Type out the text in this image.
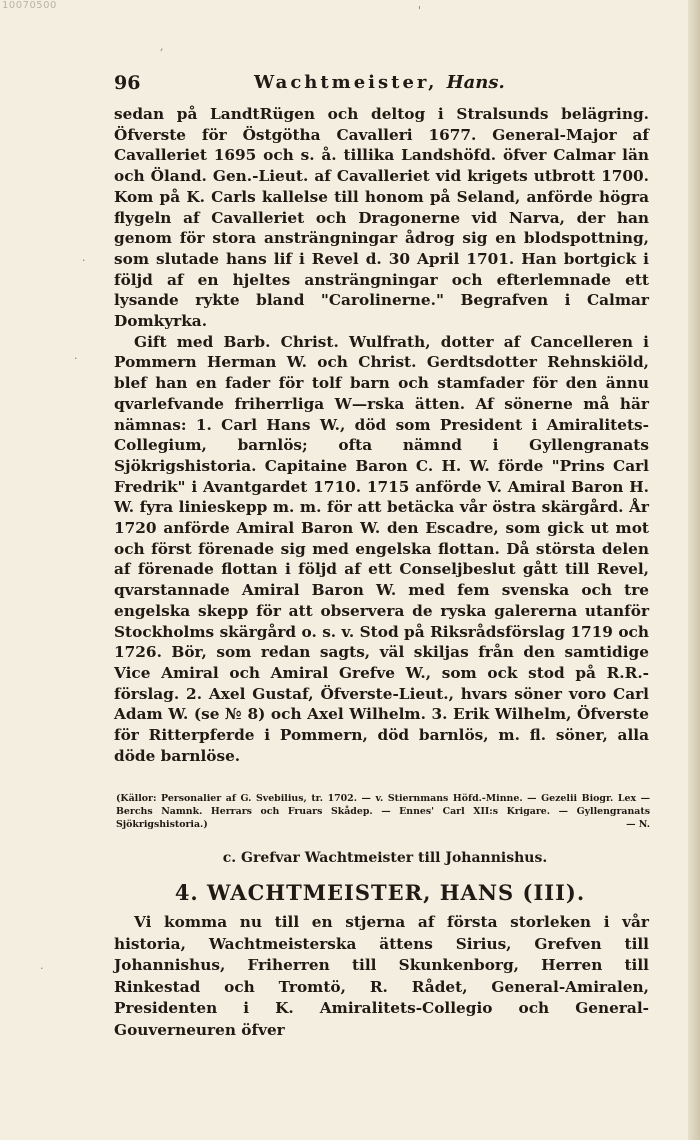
10070500	'
,
·
·
·
96	Wachtmeister, Hans.

sedan på LandtRügen och deltog i Stralsunds belägring. Öfverste för Östgötha Cavalleri 1677. General-Major af Cavalleriet 1695 och s. å. tillika Landshöfd. öfver Calmar län och Öland. Gen.-Lieut. af Cavalleriet vid krigets utbrott 1700. Kom på K. Carls kallelse till honom på Seland, anförde högra flygeln af Cavalleriet och Dragonerne vid Narva, der han genom för stora ansträngningar ådrog sig en blodspottning, som slutade hans lif i Revel d. 30 April 1701. Han bortgick i följd af en hjeltes ansträngningar och efterlemnade ett lysande rykte bland "Carolinerne." Begrafven i Calmar Domkyrka.

Gift med Barb. Christ. Wulfrath, dotter af Cancelleren i Pommern Herman W. och Christ. Gerdtsdotter Rehnskiöld, blef han en fader för tolf barn och stamfader för den ännu qvarlefvande friherrliga W—rska ätten. Af sönerne må här nämnas: 1. Carl Hans W., död som President i Amiralitets-Collegium, barnlös; ofta nämnd i Gyllengranats Sjökrigshistoria. Capitaine Baron C. H. W. förde "Prins Carl Fredrik" i Avantgardet 1710. 1715 anförde V. Amiral Baron H. W. fyra linieskepp m. m. för att betäcka vår östra skärgård. År 1720 anförde Amiral Baron W. den Escadre, som gick ut mot och först förenade sig med engelska flottan. Då största delen af förenade flottan i följd af ett Conseljbeslut gått till Revel, qvarstannade Amiral Baron W. med fem svenska och tre engelska skepp för att observera de ryska galererna utanför Stockholms skärgård o. s. v. Stod på Riksrådsförslag 1719 och 1726. Bör, som redan sagts, väl skiljas från den samtidige Vice Amiral och Amiral Grefve W., som ock stod på R.R.-förslag. 2. Axel Gustaf, Öfverste-Lieut., hvars söner voro Carl Adam W. (se № 8) och Axel Wilhelm. 3. Erik Wilhelm, Öfverste för Ritterpferde i Pommern, död barnlös, m. fl. söner, alla döde barnlöse.

(Källor: Personalier af G. Svebilius, tr. 1702. — v. Stiernmans Höfd.-Minne. — Gezelii Biogr. Lex — Berchs Namnk. Herrars och Fruars Skådep. — Ennes' Carl XII:s Krigare. — Gyllengranats Sjökrigshistoria.)	— N.
c. Grefvar Wachtmeister till Johannishus.
4. WACHTMEISTER, HANS (III).

Vi komma nu till en stjerna af första storleken i vår historia, Wachtmeisterska ättens Sirius, Grefven till Johannishus, Friherren till Skunkenborg, Herren till Rinkestad och Tromtö, R. Rådet, General-Amiralen, Presidenten i K. Amiralitets-Collegio och General-Gouverneuren öfver
